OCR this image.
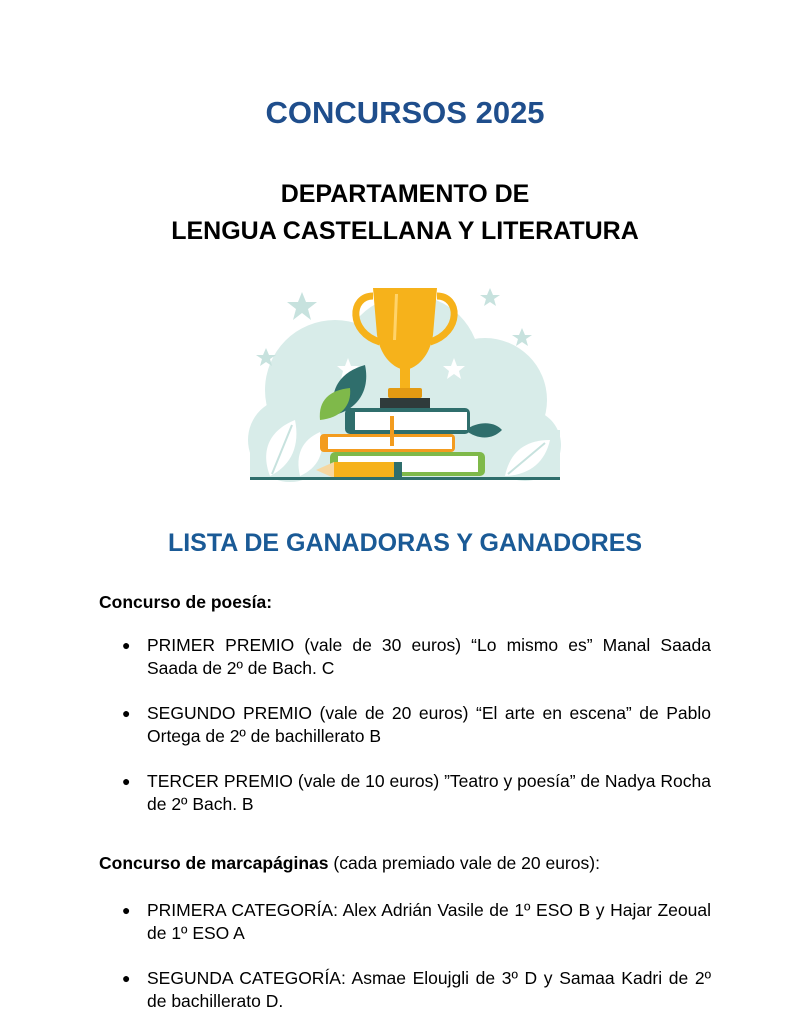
CONCURSOS 2025
DEPARTAMENTO DE
LENGUA CASTELLANA Y LITERATURA
LISTA DE GANADORAS Y GANADORES

Concurso de poesía:

● PRIMER PREMIO (vale de 30 euros) “Lo mismo es” Manal Saada Saada de 2º de Bach. C
● SEGUNDO PREMIO (vale de 20 euros) “El arte en escena” de Pablo Ortega de 2º de bachillerato B
● TERCER PREMIO (vale de 10 euros) ”Teatro y poesía” de Nadya Rocha de 2º Bach. B

Concurso de marcapáginas (cada premiado vale de 20 euros):

● PRIMERA CATEGORÍA: Alex Adrián Vasile de 1º ESO B y Hajar Zeoual de 1º ESO A
● SEGUNDA CATEGORÍA: Asmae Eloujgli de 3º D y Samaa Kadri de 2º de bachillerato D.
